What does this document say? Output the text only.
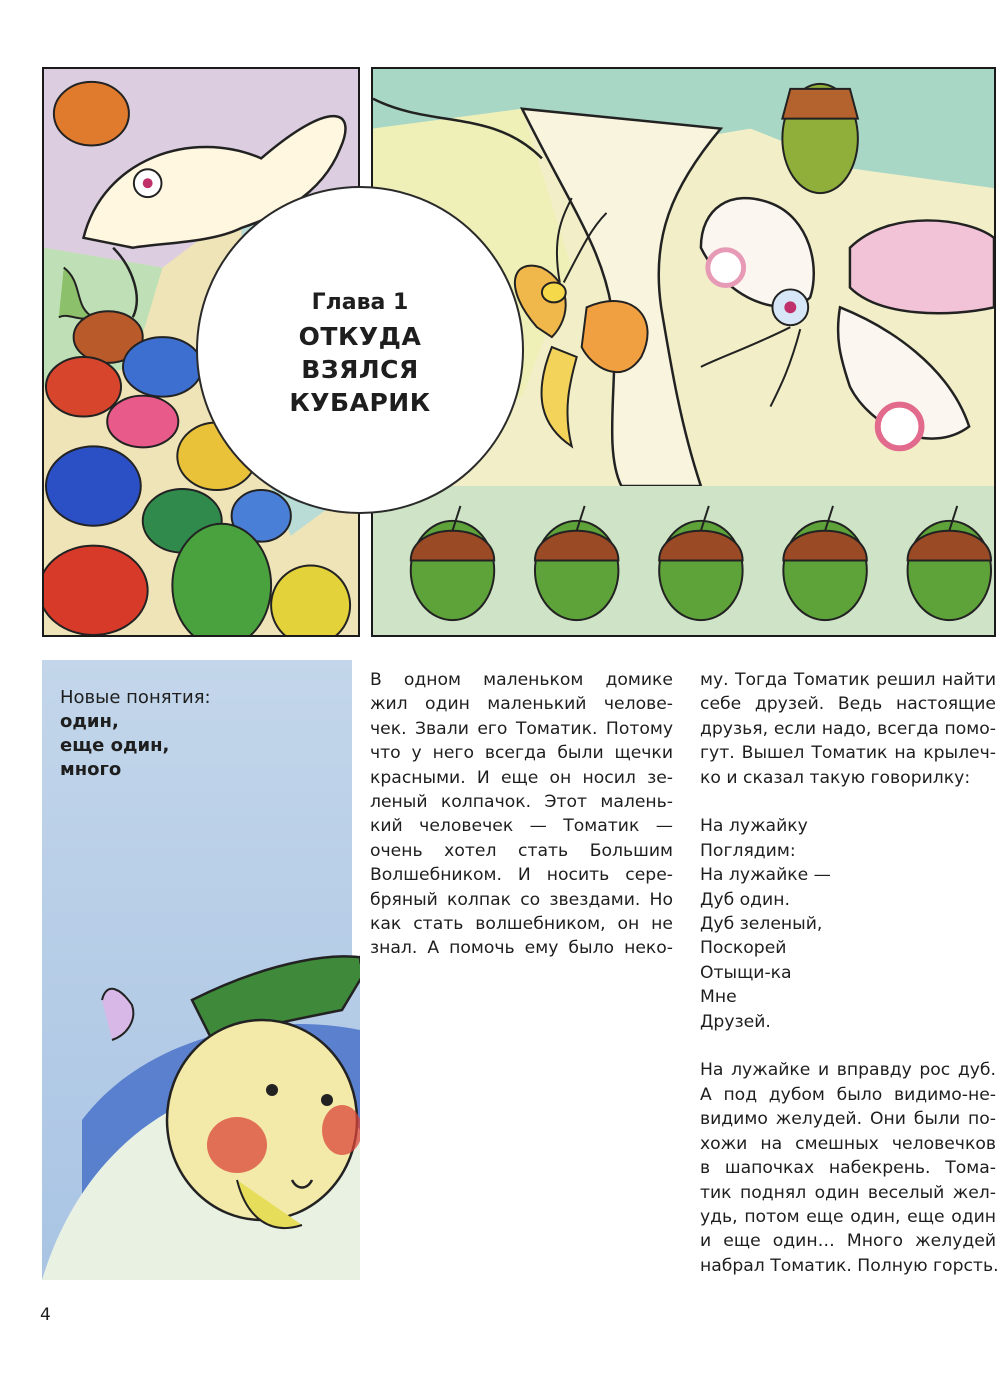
Глава 1
ОТКУДА
ВЗЯЛСЯ
КУБАРИК
Новые понятия:
один,
еще один,
много
В одном маленьком домике
жил один маленький челове-
чек. Звали его Томатик. Потому
что у него всегда были щечки
красными. И еще он носил зе-
леный колпачок. Этот малень-
кий человечек — Томатик —
очень хотел стать Большим
Волшебником. И носить сере-
бряный колпак со звездами. Но
как стать волшебником, он не
знал. А помочь ему было неко-
му. Тогда Томатик решил найти
себе друзей. Ведь настоящие
друзья, если надо, всегда помо-
гут. Вышел Томатик на крылеч-
ко и сказал такую говорилку:
На лужайку
Поглядим:
На лужайке —
Дуб один.
Дуб зеленый,
Поскорей
Отыщи-ка
Мне
Друзей.
На лужайке и вправду рос дуб.
А под дубом было видимо-не-
видимо желудей. Они были по-
хожи на смешных человечков
в шапочках набекрень. Тома-
тик поднял один веселый жел-
удь, потом еще один, еще один
и еще один… Много желудей
набрал Томатик. Полную горсть.
4
